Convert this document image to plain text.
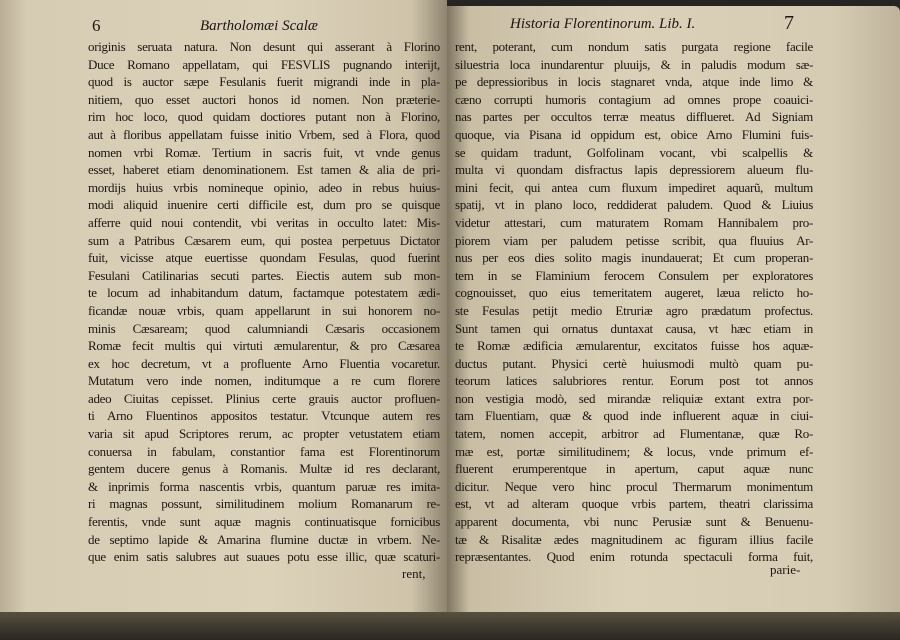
6	Bartholomæi Scalæ	Historia Florentinorum. Lib. I.	7
originis seruata natura. Non desunt qui asserant à Florino
Duce Romano appellatam, qui FESVLIS pugnando interijt,
quod is auctor sæpe Fesulanis fuerit migrandi inde in pla-
nitiem, quo esset auctori honos id nomen. Non præterie-
rim hoc loco, quod quidam doctiores putant non à Florino,
aut à floribus appellatam fuisse initio Vrbem, sed à Flora, quod
nomen vrbi Romæ. Tertium in sacris fuit, vt vnde genus
esset, haberet etiam denominationem. Est tamen & alia de pri-
mordijs huius vrbis nomineque opinio, adeo in rebus huius-
modi aliquid inuenire certi difficile est, dum pro se quisque
afferre quid noui contendit, vbi veritas in occulto latet: Mis-
sum a Patribus Cæsarem eum, qui postea perpetuus Dictator
fuit, vicisse atque euertisse quondam Fesulas, quod fuerint
Fesulani Catilinarias secuti partes. Eiectis autem sub mon-
te locum ad inhabitandum datum, factamque potestatem ædi-
ficandæ nouæ vrbis, quam appellarunt in sui honorem no-
minis Cæsaream; quod calumniandi Cæsaris occasionem
Romæ fecit multis qui virtuti æmularentur, & pro Cæsarea
ex hoc decretum, vt a profluente Arno Fluentia vocaretur.
Mutatum vero inde nomen, inditumque a re cum florere
adeo Ciuitas cepisset. Plinius certe grauis auctor profluen-
ti Arno Fluentinos appositos testatur. Vtcunque autem res
varia sit apud Scriptores rerum, ac propter vetustatem etiam
conuersa in fabulam, constantior fama est Florentinorum
gentem ducere genus à Romanis. Multæ id res declarant,
& inprimis forma nascentis vrbis, quantum paruæ res imita-
ri magnas possunt, similitudinem molium Romanarum re-
ferentis, vnde sunt aquæ magnis continuatisque fornicibus
de septimo lapide & Amarina flumine ductæ in vrbem. Ne-
que enim satis salubres aut suaues potu esse illic, quæ scaturi-
rent, poterant, cum nondum satis purgata regione facile
siluestria loca inundarentur pluuijs, & in paludis modum sæ-
pe depressioribus in locis stagnaret vnda, atque inde limo &
cæno corrupti humoris contagium ad omnes prope coauici-
nas partes per occultos terræ meatus difflueret. Ad Signiam
quoque, via Pisana id oppidum est, obice Arno Flumini fuis-
se quidam tradunt, Golfolinam vocant, vbi scalpellis &
multa vi quondam disfractus lapis depressiorem alueum flu-
mini fecit, qui antea cum fluxum impediret aquarũ, multum
spatij, vt in plano loco, reddiderat paludem. Quod & Liuius
videtur attestari, cum maturatem Romam Hannibalem pro-
piorem viam per paludem petisse scribit, qua fluuius Ar-
nus per eos dies solito magis inundauerat; Et cum properan-
tem in se Flaminium ferocem Consulem per exploratores
cognouisset, quo eius temeritatem augeret, læua relicto ho-
ste Fesulas petijt medio Etruriæ agro prædatum profectus.
Sunt tamen qui ornatus duntaxat causa, vt hæc etiam in
te Romæ ædificia æmularentur, excitatos fuisse hos aquæ-
ductus putant. Physici certè huiusmodi multò quam pu-
teorum latices salubriores rentur. Eorum post tot annos
non vestigia modò, sed mirandæ reliquiæ extant extra por-
tam Fluentiam, quæ & quod inde influerent aquæ in ciui-
tatem, nomen accepit, arbitror ad Flumentanæ, quæ Ro-
mæ est, portæ similitudinem; & locus, vnde primum ef-
fluerent erumperentque in apertum, caput aquæ nunc
dicitur. Neque vero hinc procul Thermarum monimentum
est, vt ad alteram quoque vrbis partem, theatri clarissima
apparent documenta, vbi nunc Perusiæ sunt & Benuenu-
tæ & Risalitæ ædes magnitudinem ac figuram illius facile
repræsentantes. Quod enim rotunda spectaculi forma fuit,
rent,	parie-
